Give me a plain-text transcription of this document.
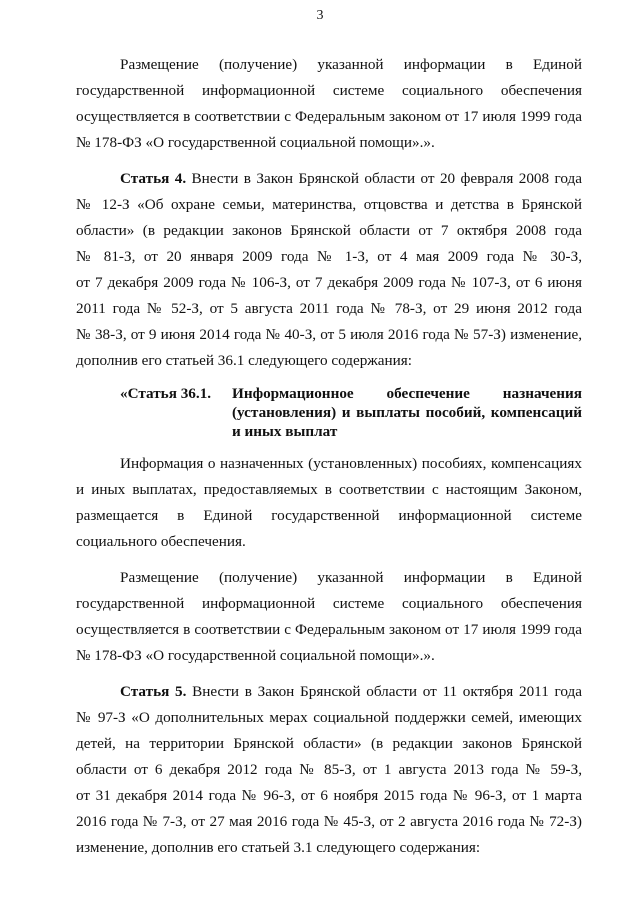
3
Размещение (получение) указанной информации в Единой
государственной информационной системе социального обеспечения
осуществляется в соответствии с Федеральным законом от 17 июля 1999 года
№ 178-ФЗ «О государственной социальной помощи».».
Статья 4. Внести в Закон Брянской области от 20 февраля 2008 года
№ 12-З «Об охране семьи, материнства, отцовства и детства в Брянской
области» (в редакции законов Брянской области от 7 октября 2008 года
№ 81-З, от 20 января 2009 года № 1-З, от 4 мая 2009 года № 30-З,
от 7 декабря 2009 года № 106-З, от 7 декабря 2009 года № 107-З, от 6 июня
2011 года № 52-З, от 5 августа 2011 года № 78-З, от 29 июня 2012 года
№ 38-З, от 9 июня 2014 года № 40-З, от 5 июля 2016 года № 57-З) изменение,
дополнив его статьей 36.1 следующего содержания:
«Статья 36.1.	Информационное обеспечение назначения
(установления) и выплаты пособий, компенсаций
и иных выплат
Информация о назначенных (установленных) пособиях, компенсациях
и иных выплатах, предоставляемых в соответствии с настоящим Законом,
размещается в Единой государственной информационной системе
социального обеспечения.
Размещение (получение) указанной информации в Единой
государственной информационной системе социального обеспечения
осуществляется в соответствии с Федеральным законом от 17 июля 1999 года
№ 178-ФЗ «О государственной социальной помощи».».
Статья 5. Внести в Закон Брянской области от 11 октября 2011 года
№ 97-З «О дополнительных мерах социальной поддержки семей, имеющих
детей, на территории Брянской области» (в редакции законов Брянской
области от 6 декабря 2012 года № 85-З, от 1 августа 2013 года № 59-З,
от 31 декабря 2014 года № 96-З, от 6 ноября 2015 года № 96-З, от 1 марта
2016 года № 7-З, от 27 мая 2016 года № 45-З, от 2 августа 2016 года № 72-З)
изменение, дополнив его статьей 3.1 следующего содержания:
